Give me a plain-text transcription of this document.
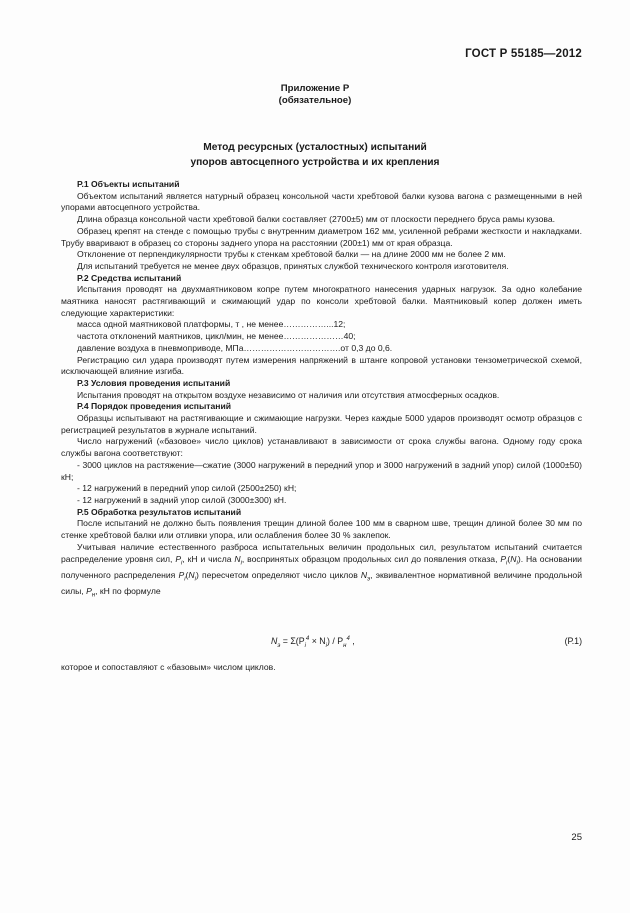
ГОСТ Р 55185—2012
Приложение Р
(обязательное)
Метод ресурсных (усталостных) испытаний
упоров автосцепного устройства и их крепления

Р.1 Объекты испытаний

Объектом испытаний является натурный образец консольной части хребтовой балки кузова вагона с размещенными в ней упорами автосцепного устройства.

Длина образца консольной части хребтовой балки составляет (2700±5) мм от плоскости переднего бруса рамы кузова.

Образец крепят на стенде с помощью трубы с внутренним диаметром 162 мм, усиленной ребрами жесткости и накладками. Трубу вваривают в образец со стороны заднего упора на расстоянии (200±1) мм от края образца.

Отклонение от перпендикулярности трубы к стенкам хребтовой балки — на длине 2000 мм не более 2 мм.

Для испытаний требуется не менее двух образцов, принятых службой технического контроля изготовителя.

Р.2 Средства испытаний

Испытания проводят на двухмаятниковом копре путем многократного нанесения ударных нагрузок. За одно колебание маятника наносят растягивающий и сжимающий удар по консоли хребтовой балки. Маятниковый копер должен иметь следующие характеристики:

масса одной маятниковой платформы, т , не менее……………...12;

частота отклонений маятников, цикл/мин, не менее…………………40;

давление воздуха в пневмоприводе, МПа…………………………….от 0,3 до 0,6.

Регистрацию сил удара производят путем измерения напряжений в штанге копровой установки тензометрической схемой, исключающей влияние изгиба.

Р.3 Условия проведения испытаний

Испытания проводят на открытом воздухе независимо от наличия или отсутствия атмосферных осадков.

Р.4 Порядок проведения испытаний

Образцы испытывают на растягивающие и сжимающие нагрузки. Через каждые 5000 ударов производят осмотр образцов с регистрацией результатов в журнале испытаний.

Число нагружений («базовое» число циклов) устанавливают в зависимости от срока службы вагона. Одному году срока службы вагона соответствуют:

- 3000 циклов на растяжение—сжатие (3000 нагружений в передний упор и 3000 нагружений в задний упор) силой (1000±50) кН;

- 12 нагружений в передний упор силой (2500±250) кН;

- 12 нагружений в задний упор силой (3000±300) кН.

Р.5 Обработка результатов испытаний

После испытаний не должно быть появления трещин длиной более 100 мм в сварном шве, трещин длиной более 30 мм по стенке хребтовой балки или отливки упора, или ослабления более 30 % заклепок.

Учитывая наличие естественного разброса испытательных величин продольных сил, результатом испытаний считается распределение уровня сил, $P_i$, кН и числа $N_i$, воспринятых образцом продольных сил до появления отказа, $P_i(N_i)$. На основании полученного распределения $P_i(N_i)$ пересчетом определяют число циклов $N_э$, эквивалентное нормативной величине продольной силы, $P_н$, кН по формуле

$N_э = \Sigma(P_i^4 \times N_i) / P_н^4$ ,	(Р.1)
которое и сопоставляют с «базовым» числом циклов.
25
